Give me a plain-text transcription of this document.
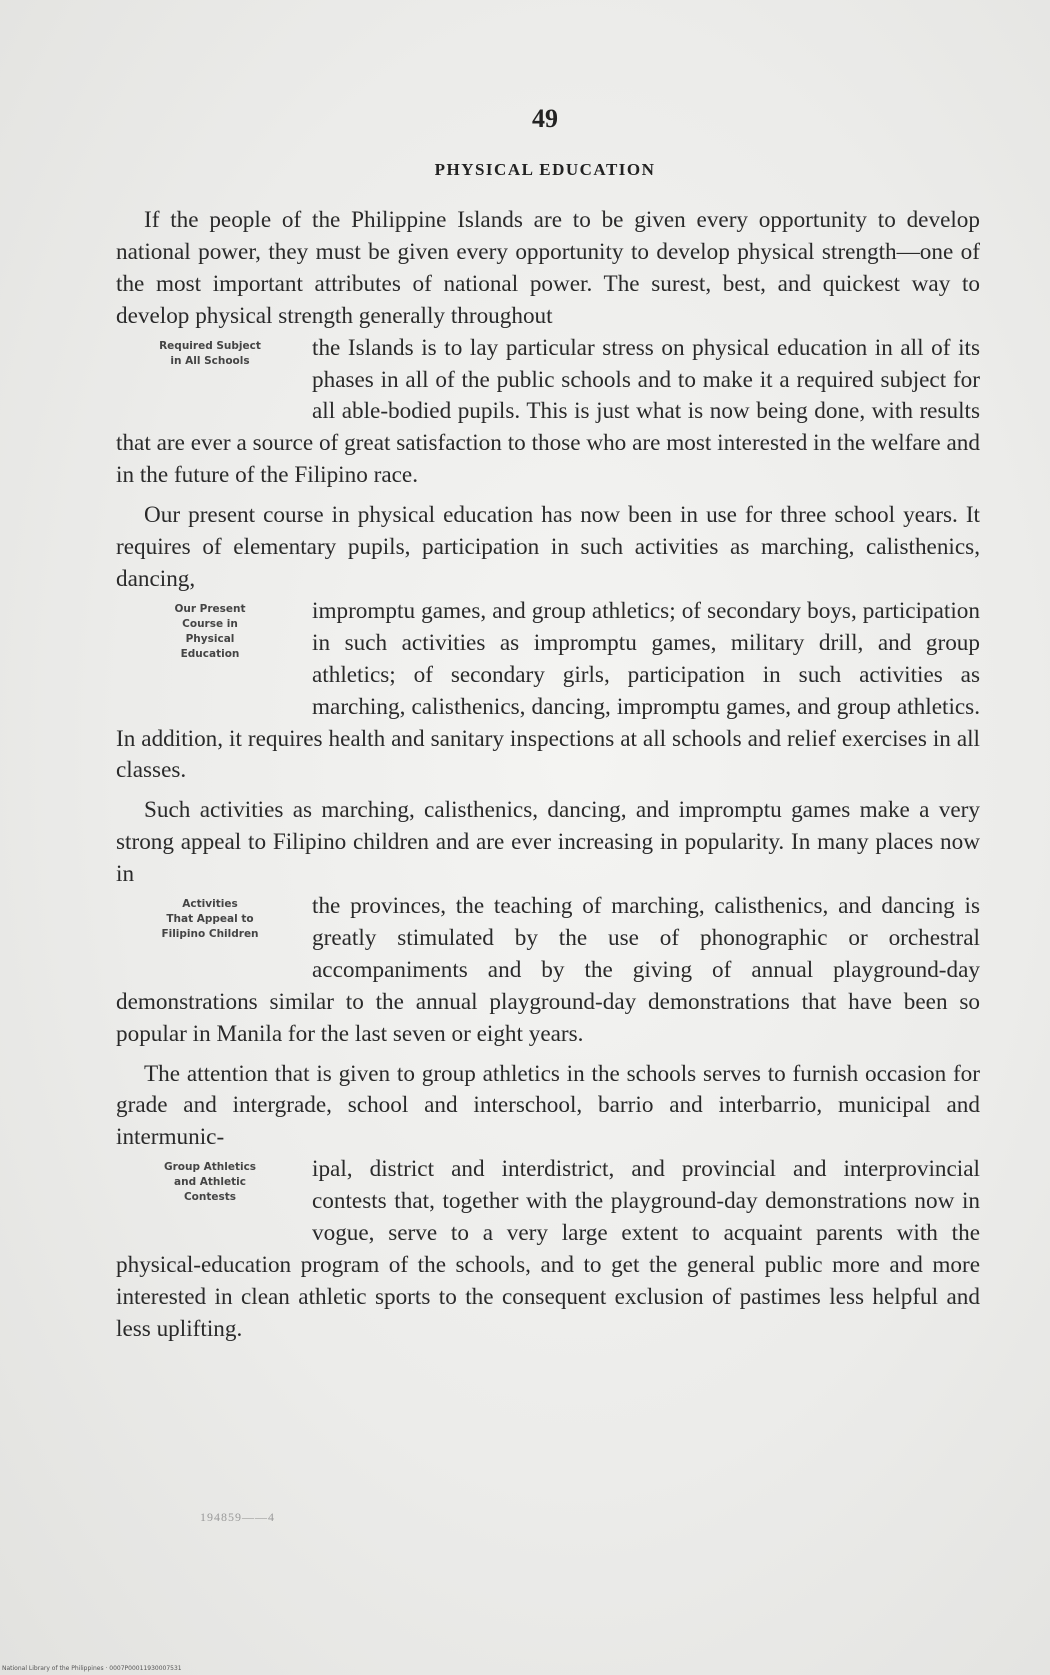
49
PHYSICAL EDUCATION

If the people of the Philippine Islands are to be given every opportunity to develop national power, they must be given every opportunity to develop physical strength—one of the most important attributes of national power. The surest, best, and quickest way to develop physical strength generally throughout

Required Subject
in All Schools	the Islands is to lay particular stress on physical education in all of its phases in all of the public schools and to make it a required subject for all able-bodied pupils. This is just what is now being done, with results that are ever a source of great satisfaction to those who are most interested in the welfare and in the future of the Filipino race.

Our present course in physical education has now been in use for three school years. It requires of elementary pupils, participation in such activities as marching, calisthenics, dancing,

Our Present
Course in
Physical
Education
impromptu games, and group athletics; of secondary boys, participation in such activities as impromptu games, military drill, and group athletics; of secondary girls, participation in such activities as marching, calisthenics, dancing, impromptu games, and group athletics. In addition, it requires health and sanitary inspections at all schools and relief exercises in all classes.

Such activities as marching, calisthenics, dancing, and impromptu games make a very strong appeal to Filipino children and are ever increasing in popularity. In many places now in

Activities
That Appeal to
Filipino Children
the provinces, the teaching of marching, calisthenics, and dancing is greatly stimulated by the use of phonographic or orchestral accompaniments and by the giving of annual playground-day demonstrations similar to the annual playground-day demonstrations that have been so popular in Manila for the last seven or eight years.

The attention that is given to group athletics in the schools serves to furnish occasion for grade and intergrade, school and interschool, barrio and interbarrio, municipal and intermunic-

Group Athletics
and Athletic
Contests
ipal, district and interdistrict, and provincial and interprovincial contests that, together with the playground-day demonstrations now in vogue, serve to a very large extent to acquaint parents with the physical-education program of the schools, and to get the general public more and more interested in clean athletic sports to the consequent exclusion of pastimes less helpful and less uplifting.

194859——4
National Library of the Philippines · 0007P00011930007531
